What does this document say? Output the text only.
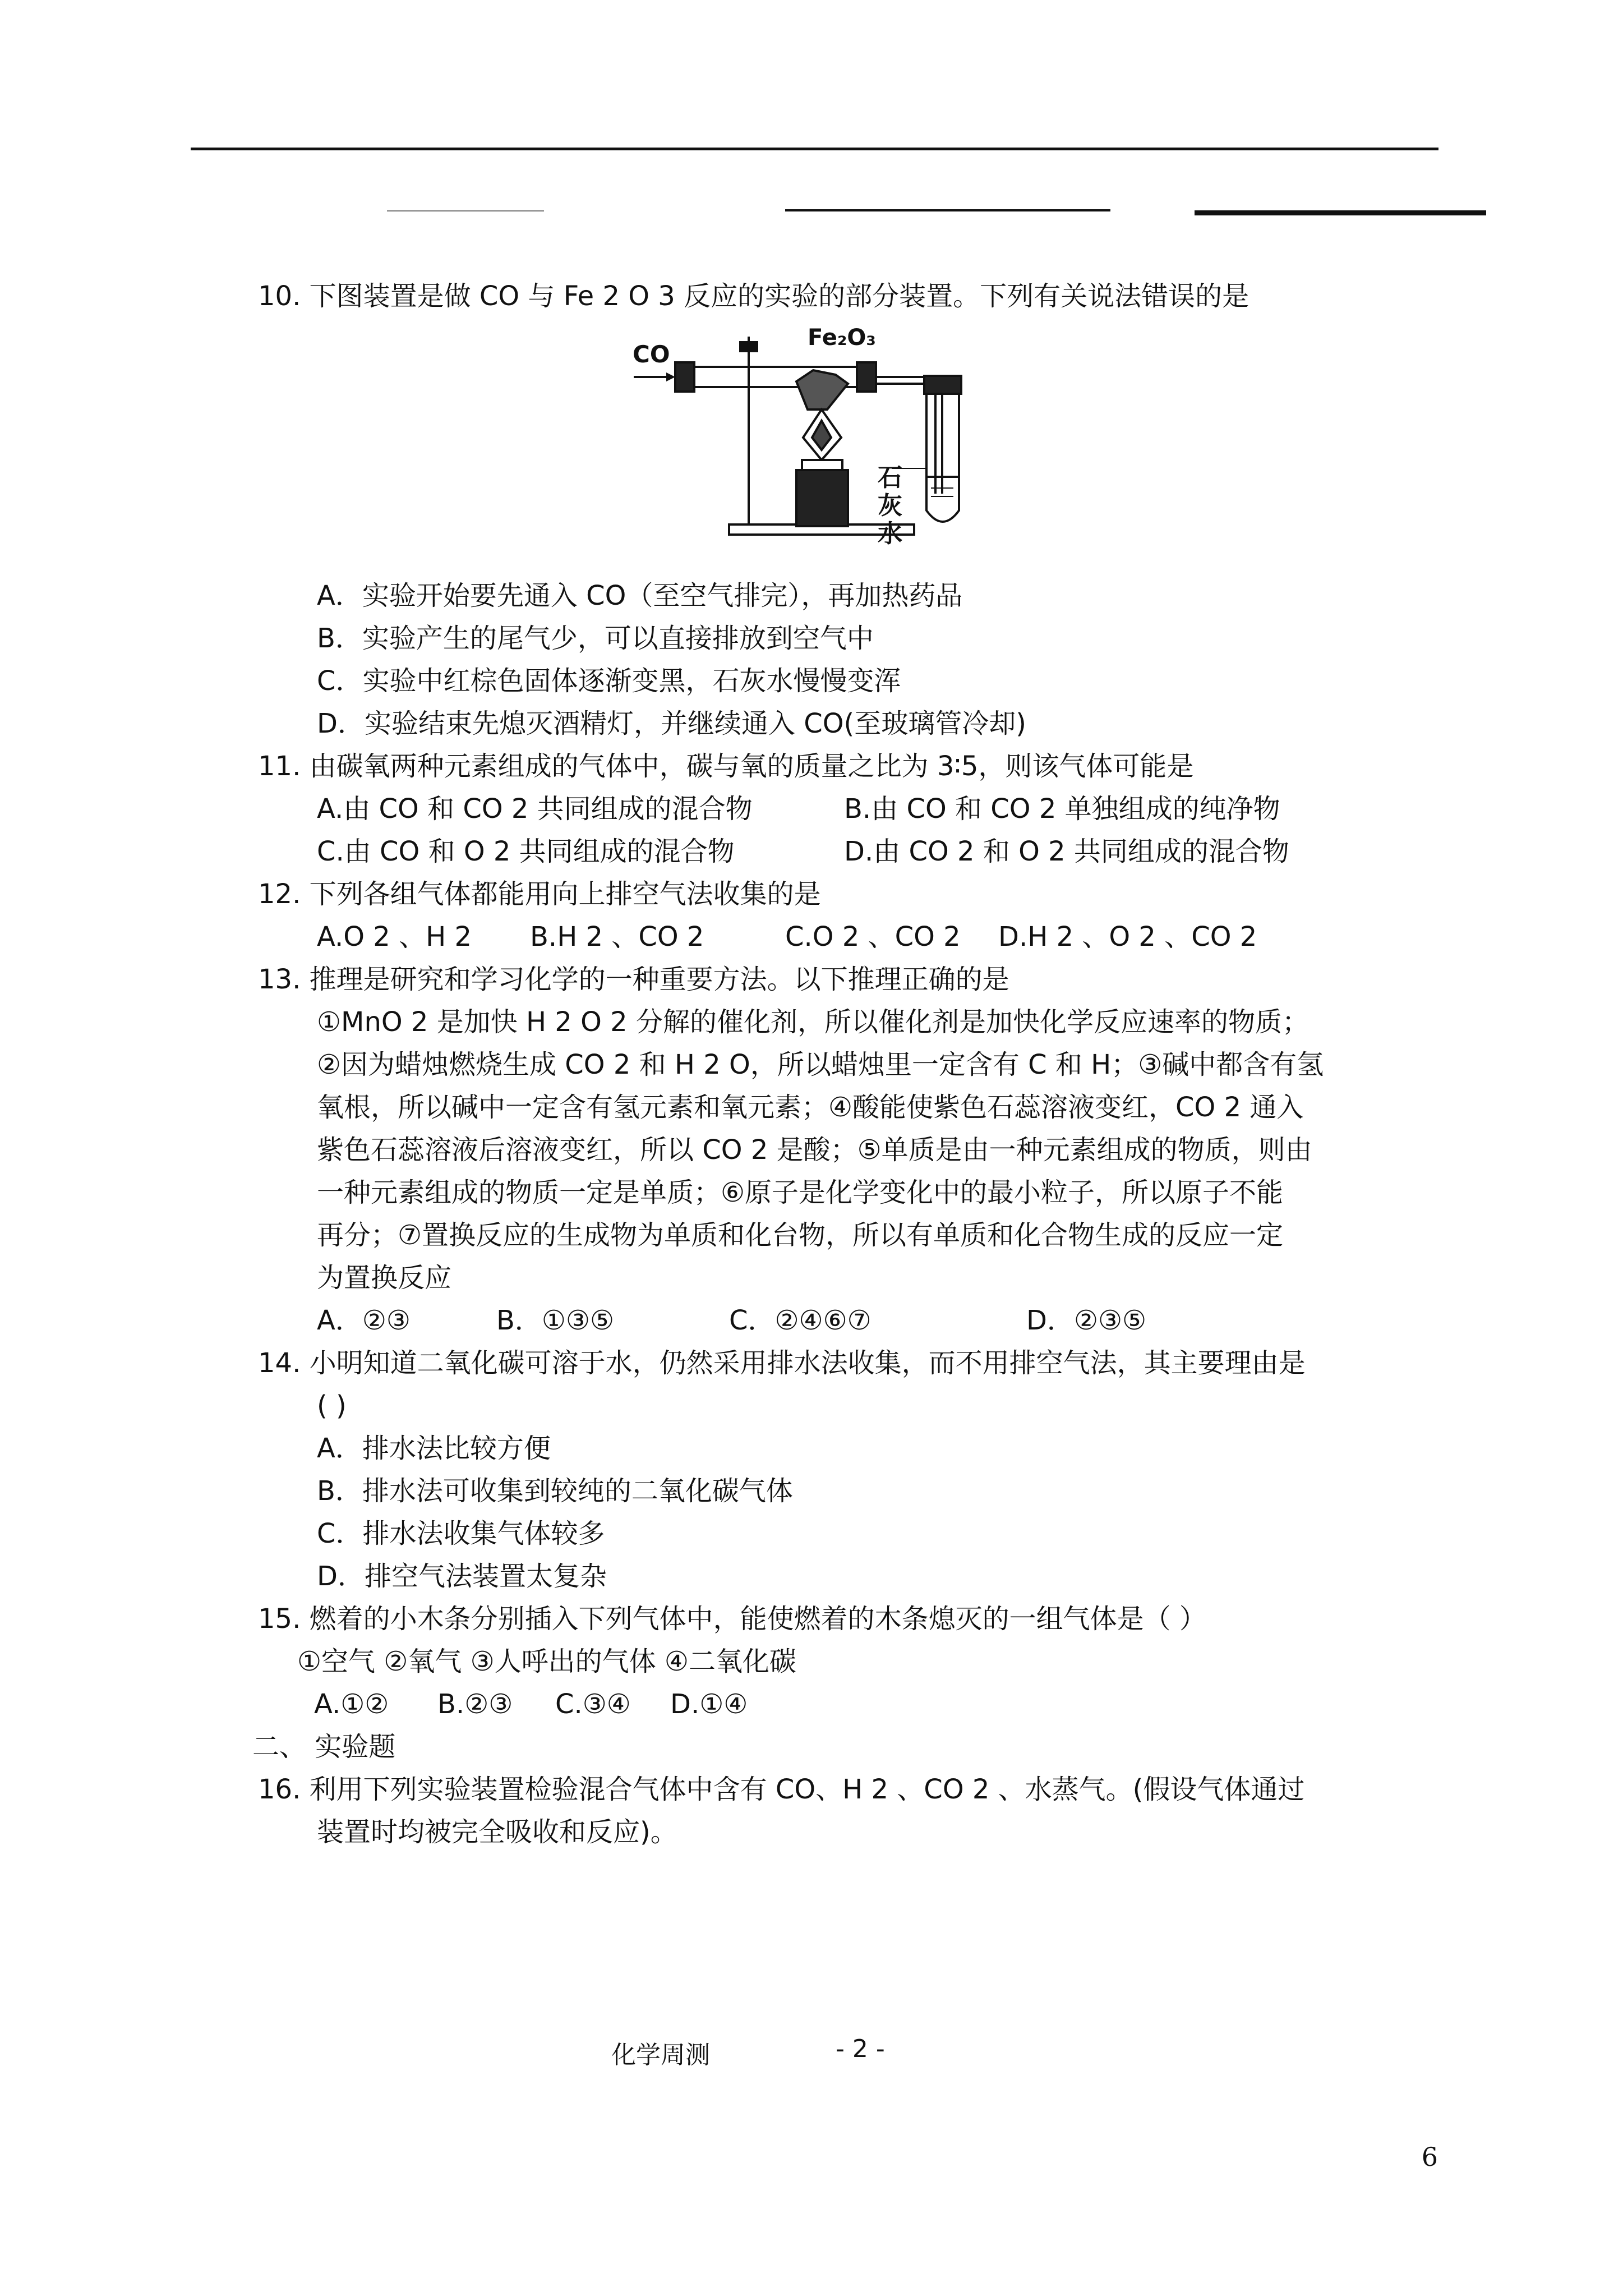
10. 下图装置是做 CO 与 Fe 2 O 3 反应的实验的部分装置。下列有关说法错误的是
CO
Fe₂O₃
石
灰
水
A．实验开始要先通入 CO（至空气排完），再加热药品
B．实验产生的尾气少，可以直接排放到空气中
C．实验中红棕色固体逐渐变黑，石灰水慢慢变浑
D．实验结束先熄灭酒精灯，并继续通入 CO(至玻璃管冷却)
11. 由碳氧两种元素组成的气体中，碳与氧的质量之比为 3∶5，则该气体可能是
A.由 CO 和 CO 2 共同组成的混合物	B.由 CO 和 CO 2 单独组成的纯净物
C.由 CO 和 O 2 共同组成的混合物	D.由 CO 2 和 O 2 共同组成的混合物
12. 下列各组气体都能用向上排空气法收集的是
A.O 2 、H 2 B.H 2 、CO 2	C.O 2 、CO 2 D.H 2 、O 2 、CO 2
13. 推理是研究和学习化学的一种重要方法。以下推理正确的是
①MnO 2 是加快 H 2 O 2 分解的催化剂，所以催化剂是加快化学反应速率的物质；
②因为蜡烛燃烧生成 CO 2 和 H 2 O，所以蜡烛里一定含有 C 和 H；③碱中都含有氢
氧根，所以碱中一定含有氢元素和氧元素；④酸能使紫色石蕊溶液变红，CO 2 通入
紫色石蕊溶液后溶液变红，所以 CO 2 是酸；⑤单质是由一种元素组成的物质，则由
一种元素组成的物质一定是单质；⑥原子是化学变化中的最小粒子，所以原子不能
再分；⑦置换反应的生成物为单质和化台物，所以有单质和化合物生成的反应一定
为置换反应
A．②③	B．①③⑤	C．②④⑥⑦	D．②③⑤
14. 小明知道二氧化碳可溶于水，仍然采用排水法收集，而不用排空气法，其主要理由是
( )
A．排水法比较方便
B．排水法可收集到较纯的二氧化碳气体
C．排水法收集气体较多
D．排空气法装置太复杂
15. 燃着的小木条分别插入下列气体中，能使燃着的木条熄灭的一组气体是（ ）
①空气 ②氧气 ③人呼出的气体 ④二氧化碳
A.①② B.②③ C.③④ D.①④
二、 实验题
16. 利用下列实验装置检验混合气体中含有 CO、H 2 、CO 2 、水蒸气。(假设气体通过
装置时均被完全吸收和反应)。
化学周测	- 2 -
6
